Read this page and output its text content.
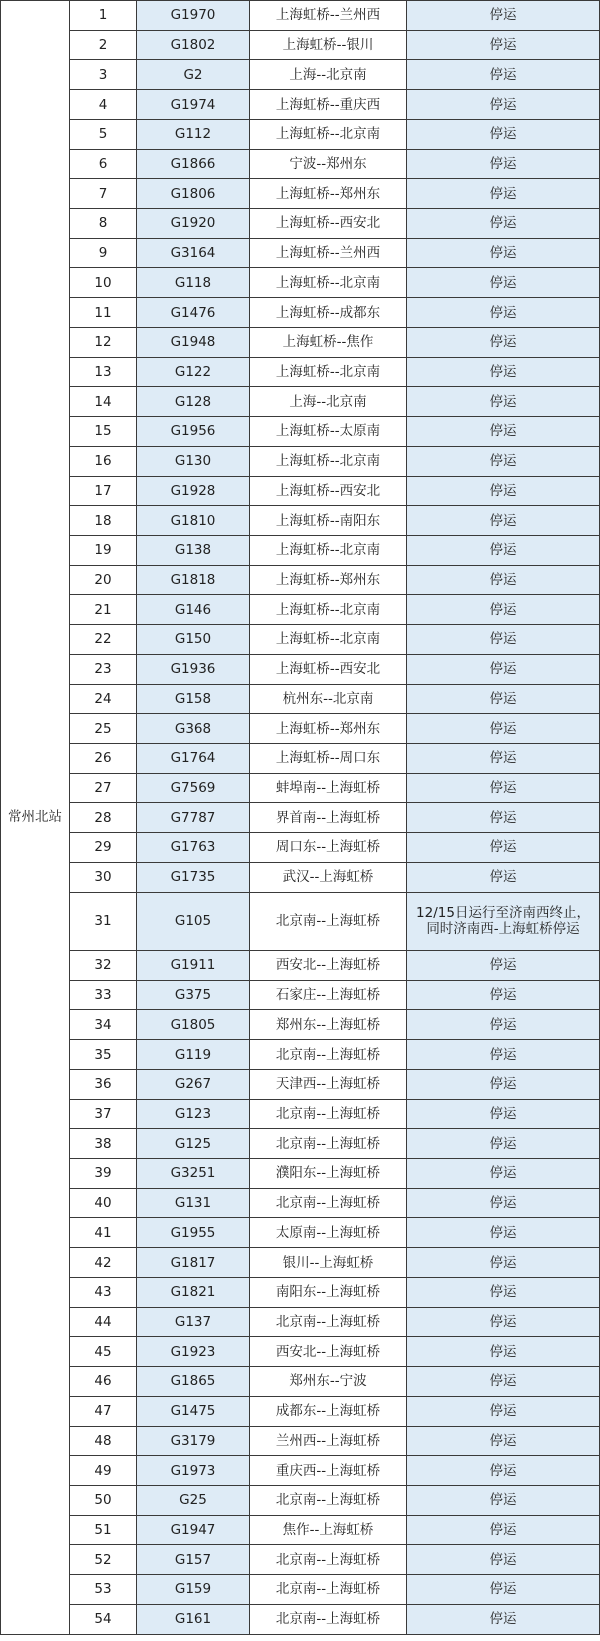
常州北站	1	G1970	上海虹桥--兰州西	停运
	2	G1802	上海虹桥--银川	停运
	3	G2	上海--北京南	停运
	4	G1974	上海虹桥--重庆西	停运
	5	G112	上海虹桥--北京南	停运
	6	G1866	宁波--郑州东	停运
	7	G1806	上海虹桥--郑州东	停运
	8	G1920	上海虹桥--西安北	停运
	9	G3164	上海虹桥--兰州西	停运
	10	G118	上海虹桥--北京南	停运
	11	G1476	上海虹桥--成都东	停运
	12	G1948	上海虹桥--焦作	停运
	13	G122	上海虹桥--北京南	停运
	14	G128	上海--北京南	停运
	15	G1956	上海虹桥--太原南	停运
	16	G130	上海虹桥--北京南	停运
	17	G1928	上海虹桥--西安北	停运
	18	G1810	上海虹桥--南阳东	停运
	19	G138	上海虹桥--北京南	停运
	20	G1818	上海虹桥--郑州东	停运
	21	G146	上海虹桥--北京南	停运
	22	G150	上海虹桥--北京南	停运
	23	G1936	上海虹桥--西安北	停运
	24	G158	杭州东--北京南	停运
	25	G368	上海虹桥--郑州东	停运
	26	G1764	上海虹桥--周口东	停运
	27	G7569	蚌埠南--上海虹桥	停运
	28	G7787	界首南--上海虹桥	停运
	29	G1763	周口东--上海虹桥	停运
	30	G1735	武汉--上海虹桥	停运
	31	G105	北京南--上海虹桥	12/15日运行至济南西终止，同时济南西-上海虹桥停运
	32	G1911	西安北--上海虹桥	停运
	33	G375	石家庄--上海虹桥	停运
	34	G1805	郑州东--上海虹桥	停运
	35	G119	北京南--上海虹桥	停运
	36	G267	天津西--上海虹桥	停运
	37	G123	北京南--上海虹桥	停运
	38	G125	北京南--上海虹桥	停运
	39	G3251	濮阳东--上海虹桥	停运
	40	G131	北京南--上海虹桥	停运
	41	G1955	太原南--上海虹桥	停运
	42	G1817	银川--上海虹桥	停运
	43	G1821	南阳东--上海虹桥	停运
	44	G137	北京南--上海虹桥	停运
	45	G1923	西安北--上海虹桥	停运
	46	G1865	郑州东--宁波	停运
	47	G1475	成都东--上海虹桥	停运
	48	G3179	兰州西--上海虹桥	停运
	49	G1973	重庆西--上海虹桥	停运
	50	G25	北京南--上海虹桥	停运
	51	G1947	焦作--上海虹桥	停运
	52	G157	北京南--上海虹桥	停运
	53	G159	北京南--上海虹桥	停运
	54	G161	北京南--上海虹桥	停运
